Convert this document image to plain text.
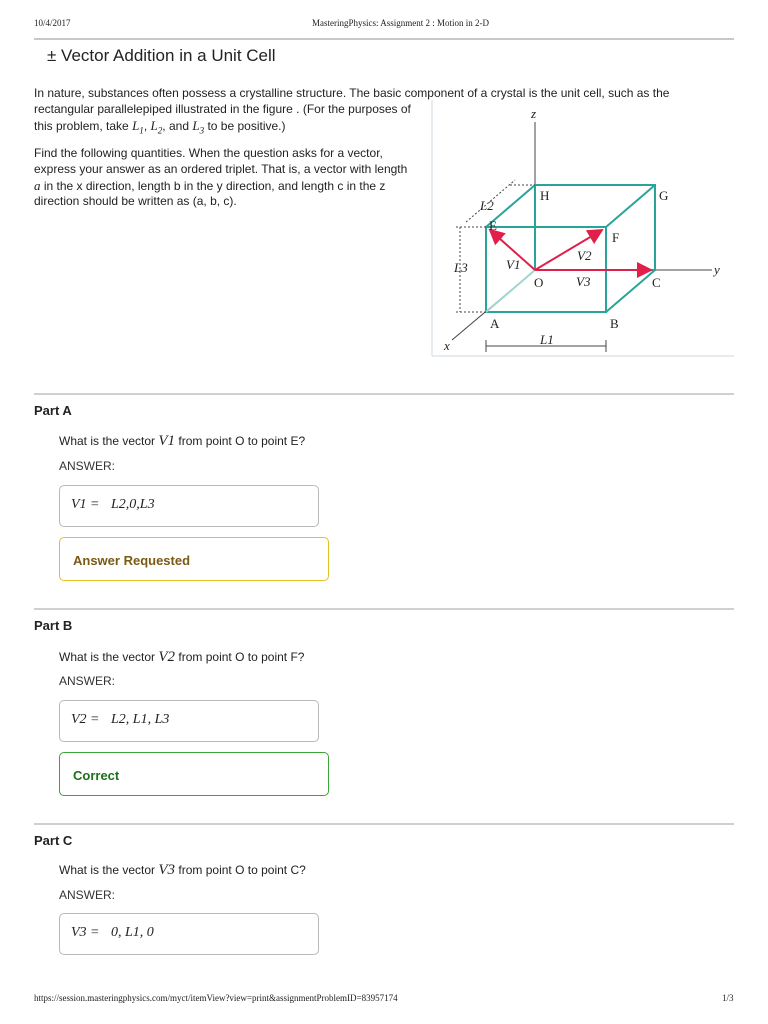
10/4/2017	MasteringPhysics: Assignment 2 : Motion in 2-D
± Vector Addition in a Unit Cell
In nature, substances often possess a crystalline structure. The basic component of a crystal is the unit cell, such as the
rectangular parallelepiped illustrated in the figure . (For the purposes of
this problem, take $L_1$, $L_2$, and $L_3$ to be positive.)
Find the following quantities. When the question asks for a vector,
express your answer as an ordered triplet. That is, a vector with length
a in the x direction, length b in the y direction, and length c in the z
direction should be written as (a, b, c).
z
y
x
H	G
F
E
O	C
A	B
L1
L2
L3	V1
V2
V3
Part A
What is the vector V1 from point O to point E?
ANSWER:
V1 = L2,0,L3
Answer Requested
Part B
What is the vector V2 from point O to point F?
ANSWER:
V2 = L2, L1, L3
Correct
Part C
What is the vector V3 from point O to point C?
ANSWER:
V3 = 0, L1, 0
https://session.masteringphysics.com/myct/itemView?view=print&assignmentProblemID=83957174	1/3
